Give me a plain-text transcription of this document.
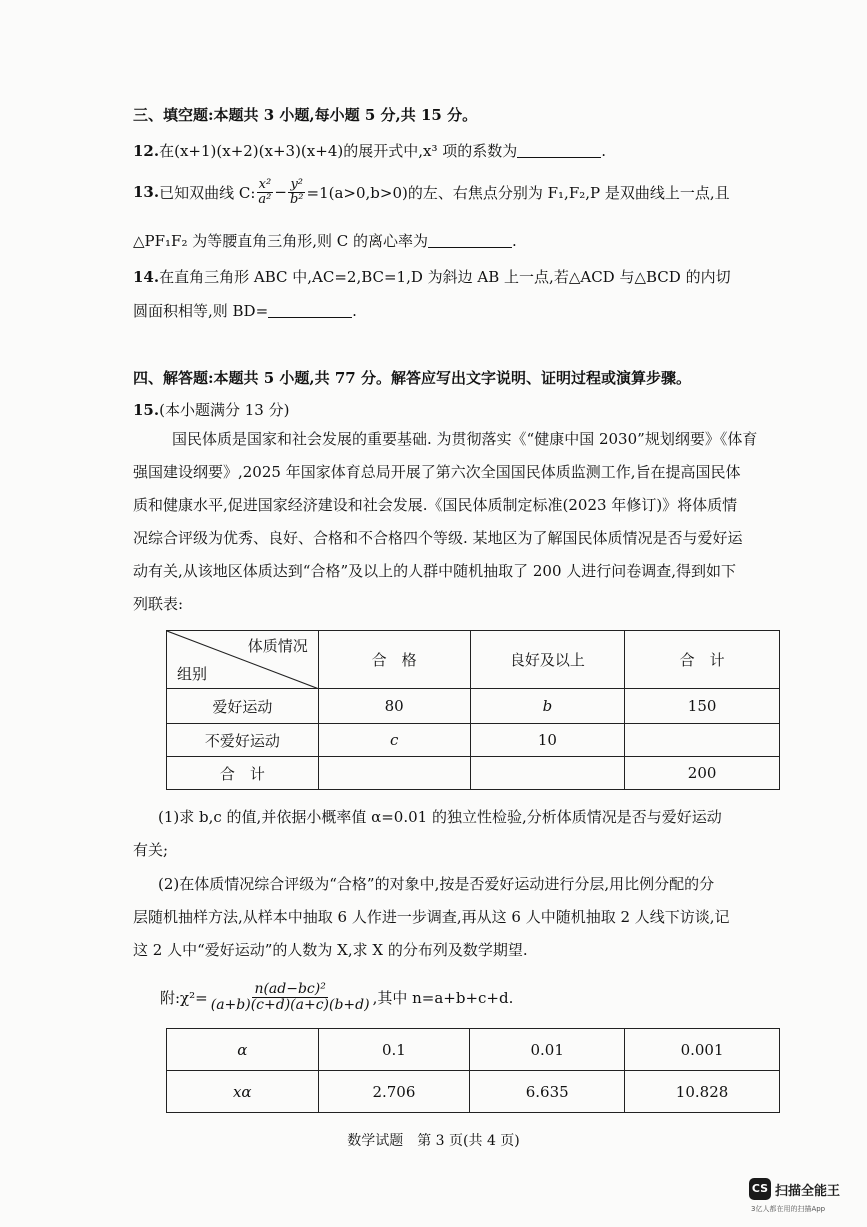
三、填空题:本题共 3 小题,每小题 5 分,共 15 分。
12.在(x+1)(x+2)(x+3)(x+4)的展开式中,x³ 项的系数为	.
13. 已知双曲线 C: $\frac{\text{x²}}{\text{a²}} - \frac{\text{y²}}{\text{b²}} =1(a>0,b>0)$的左、右焦点分别为 F₁,F₂,P 是双曲线上一点,且
△PF₁F₂ 为等腰直角三角形,则 C 的离心率为	.
14.在直角三角形 ABC 中,AC=2,BC=1,D 为斜边 AB 上一点,若△ACD 与△BCD 的内切
圆面积相等,则 BD=	.
四、解答题:本题共 5 小题,共 77 分。解答应写出文字说明、证明过程或演算步骤。
15.(本小题满分 13 分)
国民体质是国家和社会发展的重要基础. 为贯彻落实《“健康中国 2030”规划纲要》《体育
强国建设纲要》,2025 年国家体育总局开展了第六次全国国民体质监测工作,旨在提高国民体
质和健康水平,促进国家经济建设和社会发展.《国民体质制定标准(2023 年修订)》将体质情
况综合评级为优秀、良好、合格和不合格四个等级. 某地区为了解国民体质情况是否与爱好运
动有关,从该地区体质达到“合格”及以上的人群中随机抽取了 200 人进行问卷调查,得到如下
列联表:
体质情况
组别	合　格	良好及以上	合　计
爱好运动	80	b	150
不爱好运动	c	10	
合　计			200
(1)求 b,c 的值,并依据小概率值 α=0.01 的独立性检验,分析体质情况是否与爱好运动
有关;
(2)在体质情况综合评级为“合格”的对象中,按是否爱好运动进行分层,用比例分配的分
层随机抽样方法,从样本中抽取 6 人作进一步调查,再从这 6 人中随机抽取 2 人线下访谈,记
这 2 人中“爱好运动”的人数为 X,求 X 的分布列及数学期望.
附:χ²= $\frac{\text{n(ad−bc)²}}{(a+b)(c+d)(a+c)(b+d)}$ ,其中 n=a+b+c+d.
α	0.1	0.01	0.001
xα	2.706	6.635	10.828
数学试题　第 3 页(共 4 页)
CS 扫描全能王
3亿人都在用的扫描App
